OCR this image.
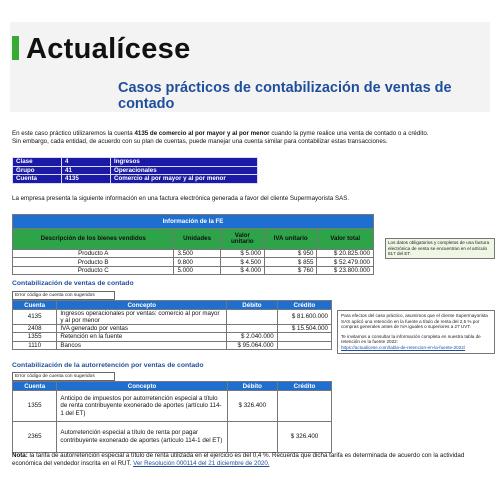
Actualícese
Casos prácticos de contabilización de ventas de contado
En este caso práctico utilizaremos la cuenta 4135 de comercio al por mayor y al por menor cuando la pyme realice una venta de contado o a crédito.
Sin embargo, cada entidad, de acuerdo con su plan de cuentas, puede manejar una cuenta similar para contabilizar estas transacciones.
Clase	4	Ingresos
Grupo	41	Operacionales
Cuenta	4135	Comercio al por mayor y al por menor
La empresa presenta la siguiente información en una factura electrónica generada a favor del cliente Supermayorista SAS.
Información de la FE				
Descripción de los bienes vendidos	Unidades	Valor unitario	IVA unitario	Valor total
Producto A	3.500	$ 5.000	$ 950	$ 20.825.000
Producto B	9.800	$ 4.500	$ 855	$ 52.479.000
Producto C	5.000	$ 4.000	$ 760	$ 23.800.000
Los datos obligatorios y completos de una factura electrónica de venta se encuentran en el artículo 617 del ET.
Contabilización de ventas de contado
Error código de cuenta con sugeridos
Cuenta	Concepto	Débito	Crédito
4135	Ingresos operacionales por ventas: comercio al por mayor y al por menor		$ 81.600.000
2408	IVA generado por ventas		$ 15.504.000
1355	Retención en la fuente	$ 2.040.000	
1110	Bancos	$ 95.064.000	
Para efectos del caso práctico, asumimos que el cliente Supermayorista SAS aplicó una retención en la fuente a título de renta del 2,5 % por compras generales antes de IVA iguales o superiores a 27 UVT.
Te invitamos a consultar la información completa en nuestra tabla de retención en la fuente 2022:
https://actualicese.com/tabla-de-retencion-en-la-fuente-2022/
Contabilización de la autorretención por ventas de contado
Error código de cuenta con sugeridos
Cuenta	Concepto	Débito	Crédito
1355	Anticipo de impuestos por autorretención especial a título de renta contribuyente exonerado de aportes (artículo 114-1 del ET)	$ 326.400	
2365	Autorretención especial a título de renta por pagar contribuyente exonerado de aportes (artículo 114-1 del ET)		$ 326.400
Nota: la tarifa de autorretención especial a título de renta utilizada en el ejercicio es del 0,4 %. Recuerda que dicha tarifa es determinada de acuerdo con la actividad económica del vendedor inscrita en el RUT. Ver Resolución 000114 del 21 diciembre de 2020.
